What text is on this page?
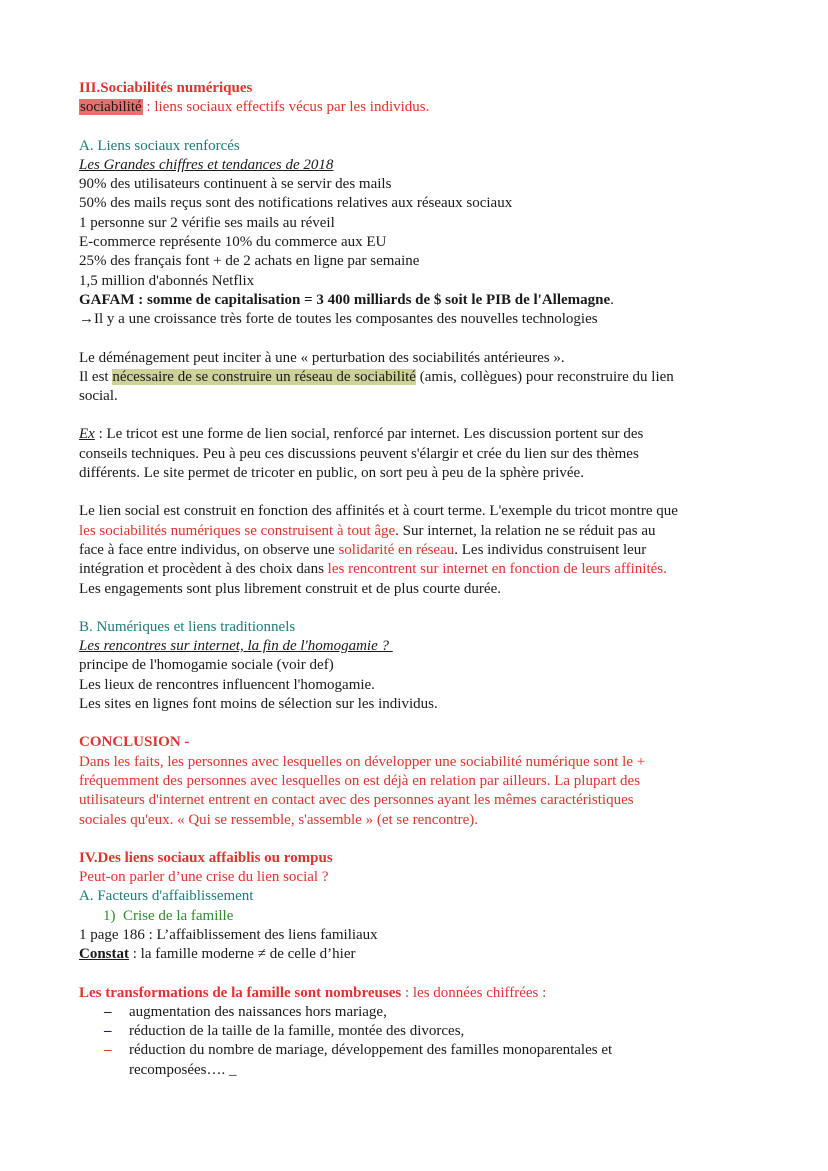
III.Sociabilités numériques
sociabilité : liens sociaux effectifs vécus par les individus.
A. Liens sociaux renforcés
Les Grandes chiffres et tendances de 2018
90% des utilisateurs continuent à se servir des mails
50% des mails reçus sont des notifications relatives aux réseaux sociaux
1 personne sur 2 vérifie ses mails au réveil
E-commerce représente 10% du commerce aux EU
25% des français font + de 2 achats en ligne par semaine
1,5 million d'abonnés Netflix
GAFAM : somme de capitalisation = 3 400 milliards de $ soit le PIB de l'Allemagne.
→Il y a une croissance très forte de toutes les composantes des nouvelles technologies
Le déménagement peut inciter à une « perturbation des sociabilités antérieures ».
Il est nécessaire de se construire un réseau de sociabilité (amis, collègues) pour reconstruire du lien
social.
Ex : Le tricot est une forme de lien social, renforcé par internet. Les discussion portent sur des
conseils techniques. Peu à peu ces discussions peuvent s'élargir et crée du lien sur des thèmes
différents. Le site permet de tricoter en public, on sort peu à peu de la sphère privée.
Le lien social est construit en fonction des affinités et à court terme. L'exemple du tricot montre que
les sociabilités numériques se construisent à tout âge. Sur internet, la relation ne se réduit pas au
face à face entre individus, on observe une solidarité en réseau. Les individus construisent leur
intégration et procèdent à des choix dans les rencontrent sur internet en fonction de leurs affinités.
Les engagements sont plus librement construit et de plus courte durée.
B. Numériques et liens traditionnels
Les rencontres sur internet, la fin de l'homogamie ?
principe de l'homogamie sociale (voir def)
Les lieux de rencontres influencent l'homogamie.
Les sites en lignes font moins de sélection sur les individus.
CONCLUSION -
Dans les faits, les personnes avec lesquelles on développer une sociabilité numérique sont le +
fréquemment des personnes avec lesquelles on est déjà en relation par ailleurs. La plupart des
utilisateurs d'internet entrent en contact avec des personnes ayant les mêmes caractéristiques
sociales qu'eux. « Qui se ressemble, s'assemble » (et se rencontre).
IV.Des liens sociaux affaiblis ou rompus
Peut-on parler d’une crise du lien social ?
A. Facteurs d'affaiblissement
1)  Crise de la famille
1 page 186 : L’affaiblissement des liens familiaux
Constat : la famille moderne ≠ de celle d’hier
Les transformations de la famille sont nombreuses : les données chiffrées :
– augmentation des naissances hors mariage,
– réduction de la taille de la famille, montée des divorces,
– réduction du nombre de mariage, développement des familles monoparentales et
recomposées…. _
